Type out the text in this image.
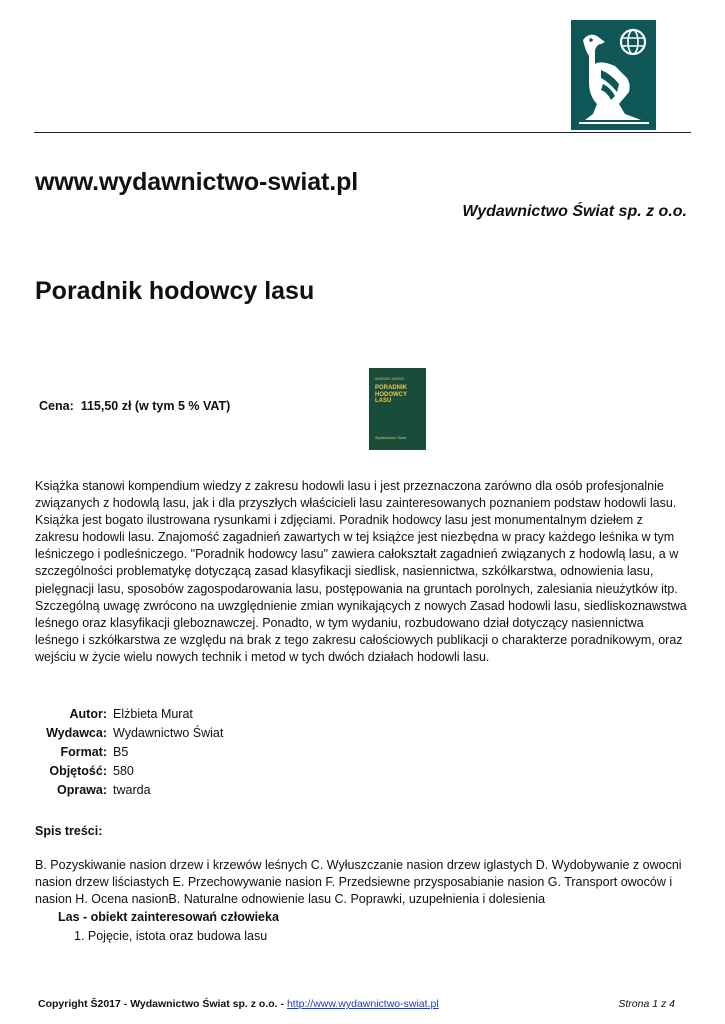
www.wydawnictwo-swiat.pl
Wydawnictwo Świat sp. z o.o.
Poradnik hodowcy lasu
Cena: 115,50 zł (w tym 5 % VAT)
ANDRZEJ MURAT
PORADNIK HODOWCY LASU
Wydawnictwo Świat

Książka stanowi kompendium wiedzy z zakresu hodowli lasu i jest przeznaczona zarówno dla osób profesjonalnie związanych z hodowlą lasu, jak i dla przyszłych właścicieli lasu zainteresowanych poznaniem podstaw hodowli lasu. Książka jest bogato ilustrowana rysunkami i zdjęciami. Poradnik hodowcy lasu jest monumentalnym dziełem z zakresu hodowli lasu. Znajomość zagadnień zawartych w tej książce jest niezbędna w pracy każdego leśnika w tym leśniczego i podleśniczego. "Poradnik hodowcy lasu" zawiera całokształt zagadnień związanych z hodowlą lasu, a w szczególności problematykę dotyczącą zasad klasyfikacji siedlisk, nasiennictwa, szkółkarstwa, odnowienia lasu, pielęgnacji lasu, sposobów zagospodarowania lasu, postępowania na gruntach porolnych, zalesiania nieużytków itp. Szczególną uwagę zwrócono na uwzględnienie zmian wynikających z nowych Zasad hodowli lasu, siedliskoznawstwa leśnego oraz klasyfikacji gleboznawczej. Ponadto, w tym wydaniu, rozbudowano dział dotyczący nasiennictwa leśnego i szkółkarstwa ze względu na brak z tego zakresu całościowych publikacji o charakterze poradnikowym, oraz wejściu w życie wielu nowych technik i metod w tych dwóch działach hodowli lasu.

Autor:	Elżbieta Murat
Wydawca:	Wydawnictwo Świat
Format:	B5
Objętość:	580
Oprawa:	twarda
Spis treści:

B. Pozyskiwanie nasion drzew i krzewów leśnych C. Wyłuszczanie nasion drzew iglastych D. Wydobywanie z owocni nasion drzew liściastych E. Przechowywanie nasion F. Przedsiewne przysposabianie nasion G. Transport owoców i nasion H. Ocena nasionB. Naturalne odnowienie lasu C. Poprawki, uzupełnienia i dolesienia

Las - obiekt zainteresowań człowieka
1. Pojęcie, istota oraz budowa lasu
Copyright Š2017 - Wydawnictwo Świat sp. z o.o. - http://www.wydawnictwo-swiat.pl	Strona 1 z 4
